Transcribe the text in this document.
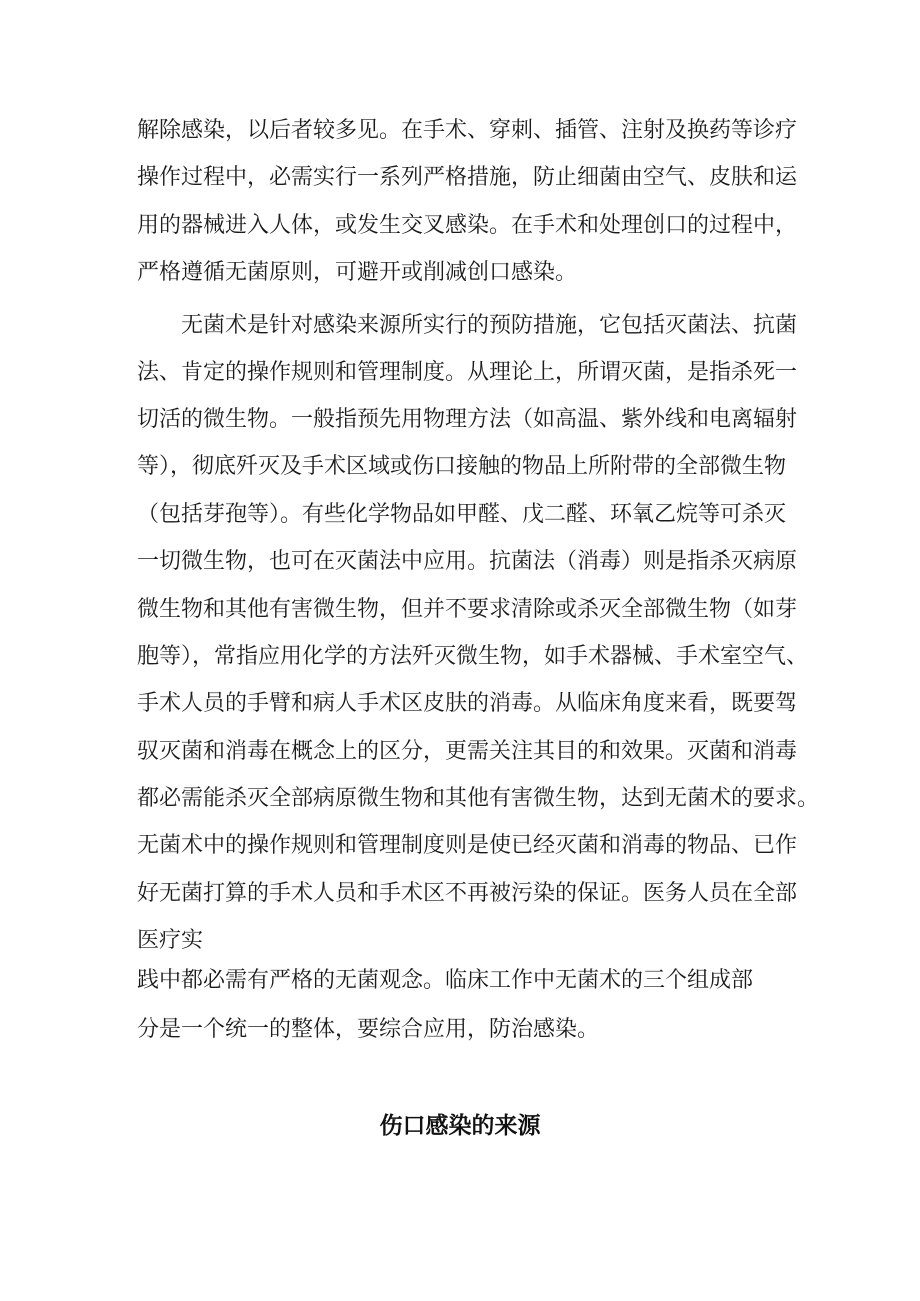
解除感染，以后者较多见。在手术、穿刺、插管、注射及换药等诊疗
操作过程中，必需实行一系列严格措施，防止细菌由空气、皮肤和运
用的器械进入人体，或发生交叉感染。在手术和处理创口的过程中，
严格遵循无菌原则，可避开或削减创口感染。
无菌术是针对感染来源所实行的预防措施，它包括灭菌法、抗菌
法、肯定的操作规则和管理制度。从理论上，所谓灭菌，是指杀死一
切活的微生物。一般指预先用物理方法（如高温、紫外线和电离辐射
等），彻底歼灭及手术区域或伤口接触的物品上所附带的全部微生物
（包括芽孢等）。有些化学物品如甲醛、戊二醛、环氧乙烷等可杀灭
一切微生物，也可在灭菌法中应用。抗菌法（消毒）则是指杀灭病原
微生物和其他有害微生物，但并不要求清除或杀灭全部微生物（如芽
胞等），常指应用化学的方法歼灭微生物，如手术器械、手术室空气、
手术人员的手臂和病人手术区皮肤的消毒。从临床角度来看，既要驾
驭灭菌和消毒在概念上的区分，更需关注其目的和效果。灭菌和消毒
都必需能杀灭全部病原微生物和其他有害微生物，达到无菌术的要求。
无菌术中的操作规则和管理制度则是使已经灭菌和消毒的物品、已作
好无菌打算的手术人员和手术区不再被污染的保证。医务人员在全部
医疗实
践中都必需有严格的无菌观念。临床工作中无菌术的三个组成部
分是一个统一的整体，要综合应用，防治感染。
伤口感染的来源
